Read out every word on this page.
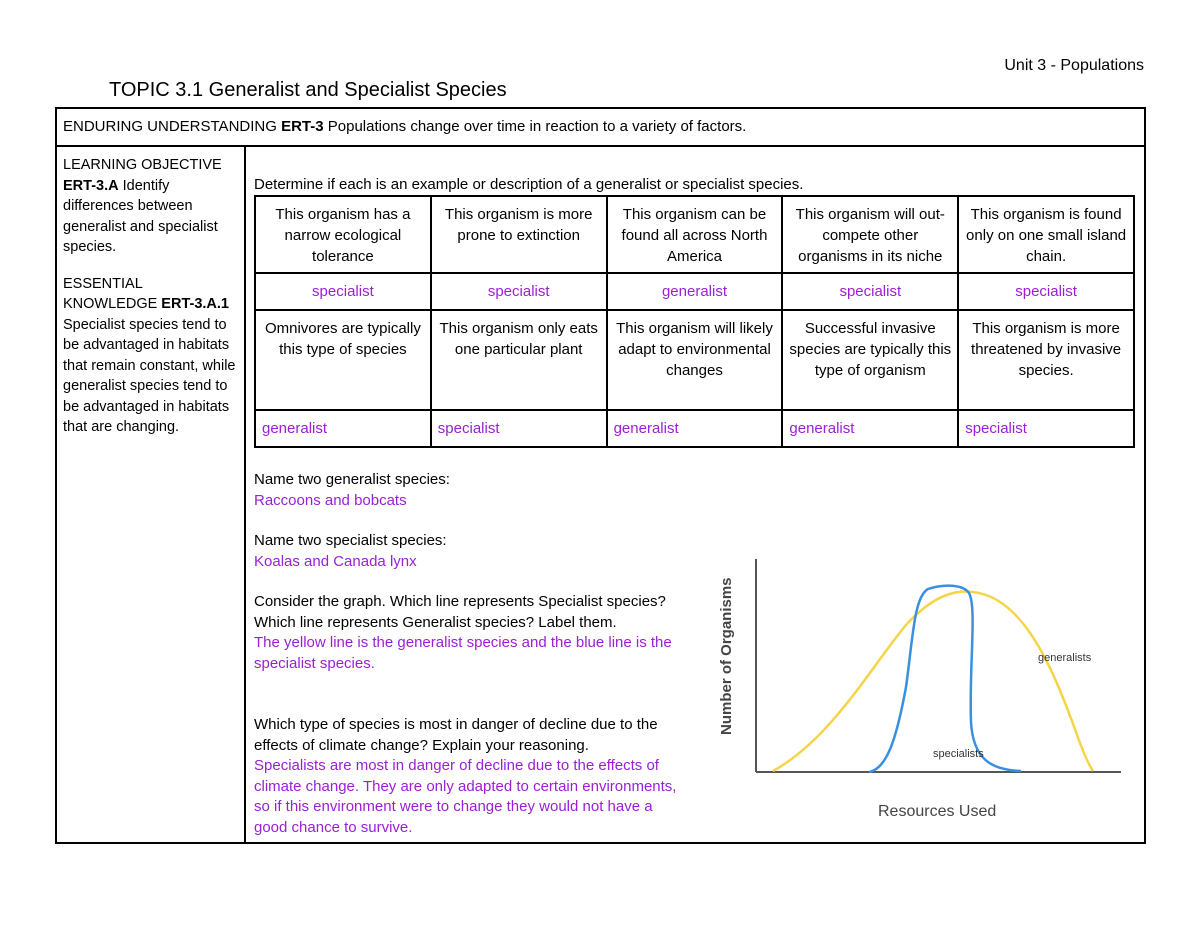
Unit 3 - Populations
TOPIC 3.1 Generalist and Specialist Species
ENDURING UNDERSTANDING ERT-3 Populations change over time in reaction to a variety of factors.

LEARNING OBJECTIVE ERT-3.A Identify differences between generalist and specialist species.

ESSENTIAL KNOWLEDGE ERT-3.A.1 Specialist species tend to be advantaged in habitats that remain constant, while generalist species tend to be advantaged in habitats that are changing.

Determine if each is an example or description of a generalist or specialist species.
This organism has a narrow ecological tolerance	This organism is more prone to extinction	This organism can be found all across North America	This organism will out-compete other organisms in its niche	This organism is found only on one small island chain.
specialist	specialist	generalist	specialist	specialist
Omnivores are typically this type of species	This organism only eats one particular plant	This organism will likely adapt to environmental changes	Successful invasive species are typically this type of organism	This organism is more threatened by invasive species.
generalist	specialist	generalist	generalist	specialist
Name two generalist species:
Raccoons and bobcats
Name two specialist species:
Koalas and Canada lynx
Consider the graph. Which line represents Specialist species? Which line represents Generalist species? Label them.
The yellow line is the generalist species and the blue line is the specialist species.
Which type of species is most in danger of decline due to the effects of climate change? Explain your reasoning.
Specialists are most in danger of decline due to the effects of climate change. They are only adapted to certain environments, so if this environment were to change they would not have a good chance to survive.
generalists
specialists
Number of Organisms
Resources Used
